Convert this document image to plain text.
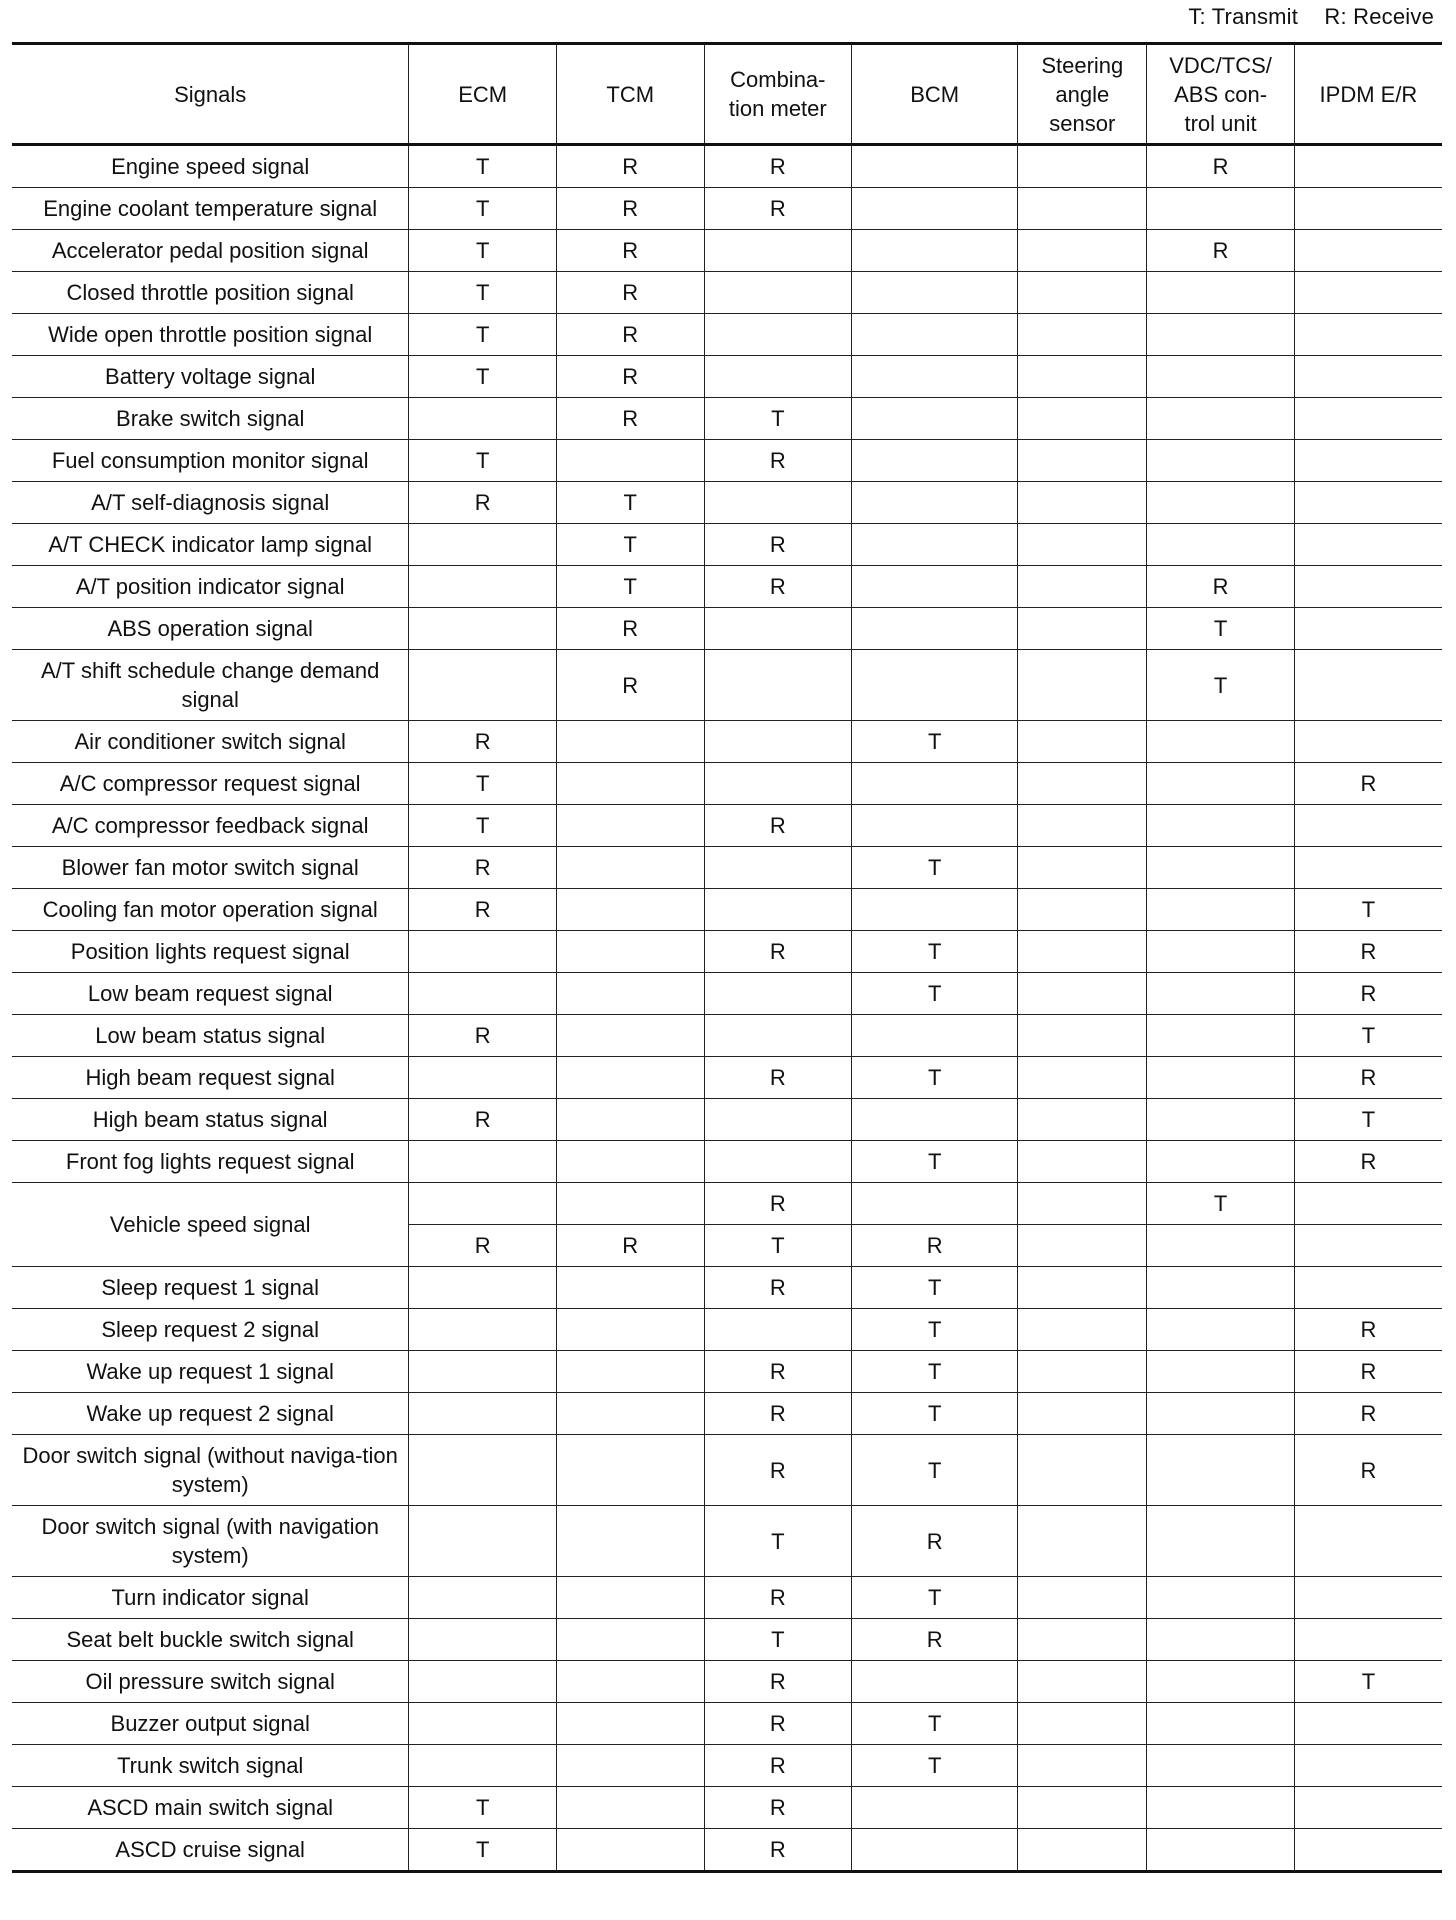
T: Transmit R: Receive
Signals	ECM	TCM	Combina-
tion meter	BCM	Steering
angle
sensor	VDC/TCS/
ABS con-
trol unit	IPDM E/R
Engine speed signal	T	R	R			R	
Engine coolant temperature signal	T	R	R				
Accelerator pedal position signal	T	R				R	
Closed throttle position signal	T	R					
Wide open throttle position signal	T	R					
Battery voltage signal	T	R					
Brake switch signal		R	T				
Fuel consumption monitor signal	T		R				
A/T self-diagnosis signal	R	T					
A/T CHECK indicator lamp signal		T	R				
A/T position indicator signal		T	R			R	
ABS operation signal		R				T	
A/T shift schedule change demand signal		R				T	
Air conditioner switch signal	R			T			
A/C compressor request signal	T						R
A/C compressor feedback signal	T		R				
Blower fan motor switch signal	R			T			
Cooling fan motor operation signal	R						T
Position lights request signal			R	T			R
Low beam request signal				T			R
Low beam status signal	R						T
High beam request signal			R	T			R
High beam status signal	R						T
Front fog lights request signal				T			R
Vehicle speed signal			R			T	
	R	R	T	R			
Sleep request 1 signal			R	T			
Sleep request 2 signal				T			R
Wake up request 1 signal			R	T			R
Wake up request 2 signal			R	T			R
Door switch signal (without naviga-tion system)			R	T			R
Door switch signal (with navigation system)			T	R			
Turn indicator signal			R	T			
Seat belt buckle switch signal			T	R			
Oil pressure switch signal			R				T
Buzzer output signal			R	T			
Trunk switch signal			R	T			
ASCD main switch signal	T		R				
ASCD cruise signal	T		R				
